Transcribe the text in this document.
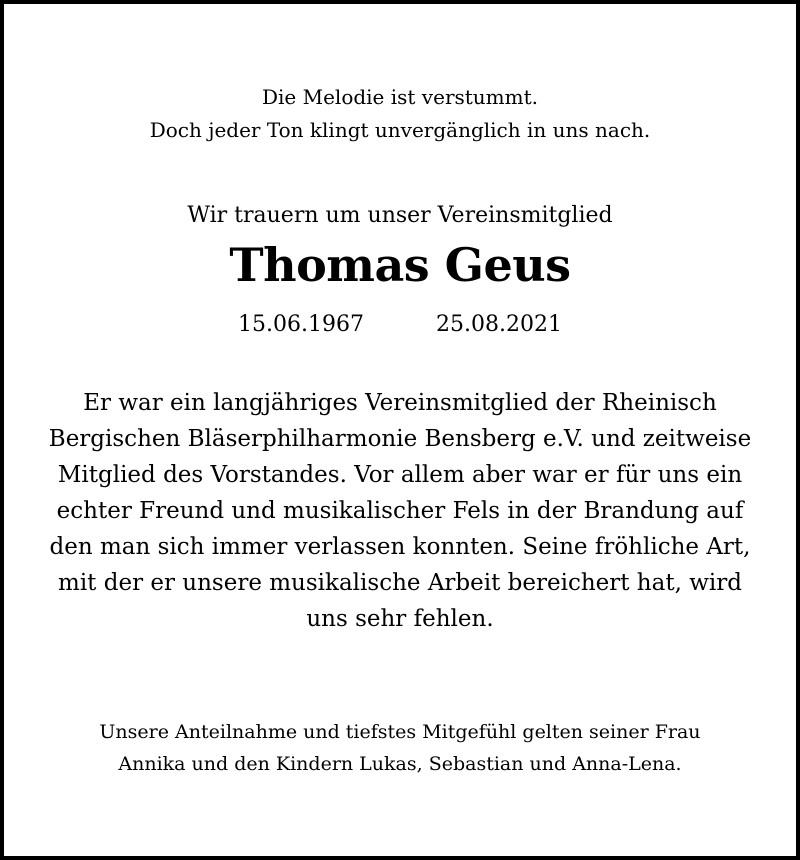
Die Melodie ist verstummt.
Doch jeder Ton klingt unvergänglich in uns nach.
Wir trauern um unser Vereinsmitglied
Thomas Geus
15.06.1967	25.08.2021
Er war ein langjähriges Vereinsmitglied der Rheinisch
Bergischen Bläserphilharmonie Bensberg e.V. und zeitweise
Mitglied des Vorstandes. Vor allem aber war er für uns ein
echter Freund und musikalischer Fels in der Brandung auf
den man sich immer verlassen konnten. Seine fröhliche Art,
mit der er unsere musikalische Arbeit bereichert hat, wird
uns sehr fehlen.
Unsere Anteilnahme und tiefstes Mitgefühl gelten seiner Frau
Annika und den Kindern Lukas, Sebastian und Anna-Lena.
